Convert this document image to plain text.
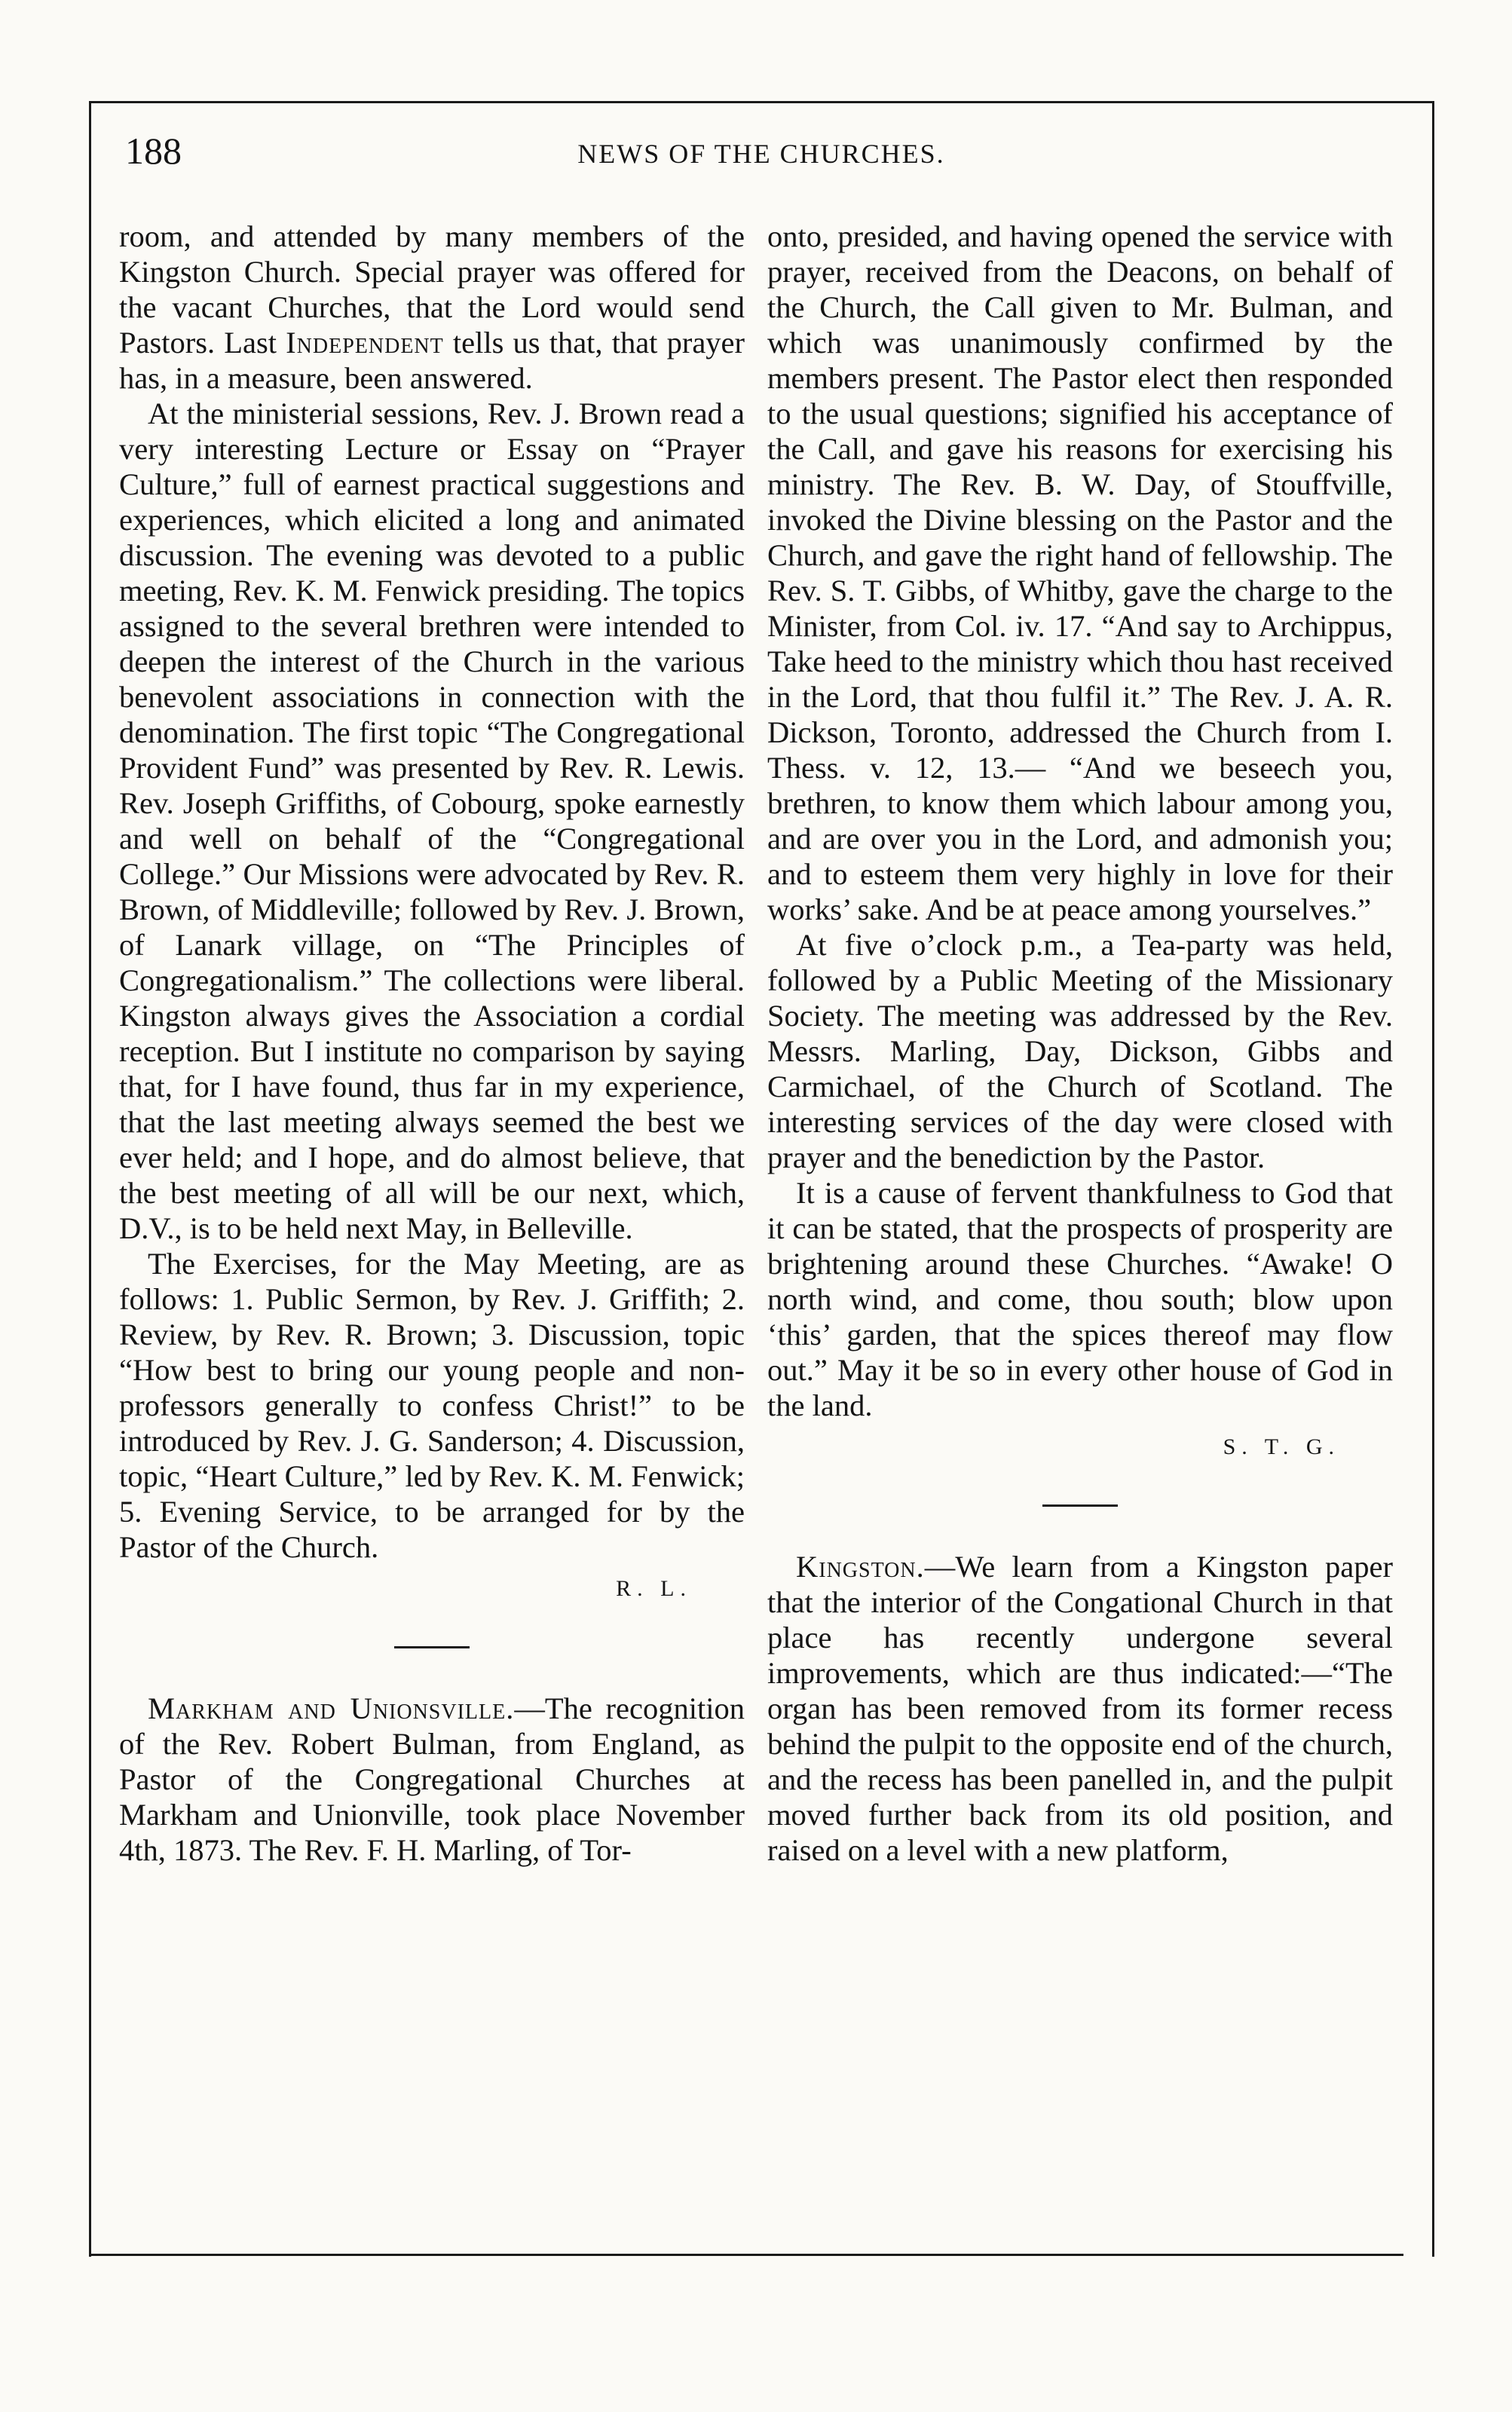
188	NEWS OF THE CHURCHES.

room, and attended by many members of the Kingston Church. Special prayer was offered for the vacant Churches, that the Lord would send Pastors. Last Independent tells us that, that prayer has, in a measure, been answered.

At the ministerial sessions, Rev. J. Brown read a very interesting Lecture or Essay on “Prayer Culture,” full of earnest practical suggestions and experiences, which elicited a long and animated discussion. The evening was devoted to a public meeting, Rev. K. M. Fenwick presiding. The topics assigned to the several brethren were intended to deepen the interest of the Church in the various benevolent associations in connection with the denomination. The first topic “The Congregational Provident Fund” was presented by Rev. R. Lewis. Rev. Joseph Griffiths, of Cobourg, spoke earnestly and well on behalf of the “Congregational College.” Our Missions were advocated by Rev. R. Brown, of Middleville; followed by Rev. J. Brown, of Lanark village, on “The Principles of Congregationalism.” The collections were liberal. Kingston always gives the Association a cordial reception. But I institute no comparison by saying that, for I have found, thus far in my experience, that the last meeting always seemed the best we ever held; and I hope, and do almost believe, that the best meeting of all will be our next, which, D.V., is to be held next May, in Belleville.

The Exercises, for the May Meeting, are as follows: 1. Public Sermon, by Rev. J. Griffith; 2. Review, by Rev. R. Brown; 3. Discussion, topic “How best to bring our young people and non-professors generally to confess Christ!” to be introduced by Rev. J. G. Sanderson; 4. Discussion, topic, “Heart Culture,” led by Rev. K. M. Fenwick; 5. Evening Service, to be arranged for by the Pastor of the Church.

R. L.

Markham and Unionsville.—The recognition of the Rev. Robert Bulman, from England, as Pastor of the Congregational Churches at Markham and Unionville, took place November 4th, 1873. The Rev. F. H. Marling, of Tor-

onto, presided, and having opened the service with prayer, received from the Deacons, on behalf of the Church, the Call given to Mr. Bulman, and which was unanimously confirmed by the members present. The Pastor elect then responded to the usual questions; signified his acceptance of the Call, and gave his reasons for exercising his ministry. The Rev. B. W. Day, of Stouffville, invoked the Divine blessing on the Pastor and the Church, and gave the right hand of fellowship. The Rev. S. T. Gibbs, of Whitby, gave the charge to the Minister, from Col. iv. 17. “And say to Archippus, Take heed to the ministry which thou hast received in the Lord, that thou fulfil it.” The Rev. J. A. R. Dickson, Toronto, addressed the Church from I. Thess. v. 12, 13.— “And we beseech you, brethren, to know them which labour among you, and are over you in the Lord, and admonish you; and to esteem them very highly in love for their works’ sake. And be at peace among yourselves.”

At five o’clock p.m., a Tea-party was held, followed by a Public Meeting of the Missionary Society. The meeting was addressed by the Rev. Messrs. Marling, Day, Dickson, Gibbs and Carmichael, of the Church of Scotland. The interesting services of the day were closed with prayer and the benediction by the Pastor.

It is a cause of fervent thankfulness to God that it can be stated, that the prospects of prosperity are brightening around these Churches. “Awake! O north wind, and come, thou south; blow upon ‘this’ garden, that the spices thereof may flow out.” May it be so in every other house of God in the land.

S. T. G.

Kingston.—We learn from a Kingston paper that the interior of the Congational Church in that place has recently undergone several improvements, which are thus indicated:—“The organ has been removed from its former recess behind the pulpit to the opposite end of the church, and the recess has been panelled in, and the pulpit moved further back from its old position, and raised on a level with a new platform,
